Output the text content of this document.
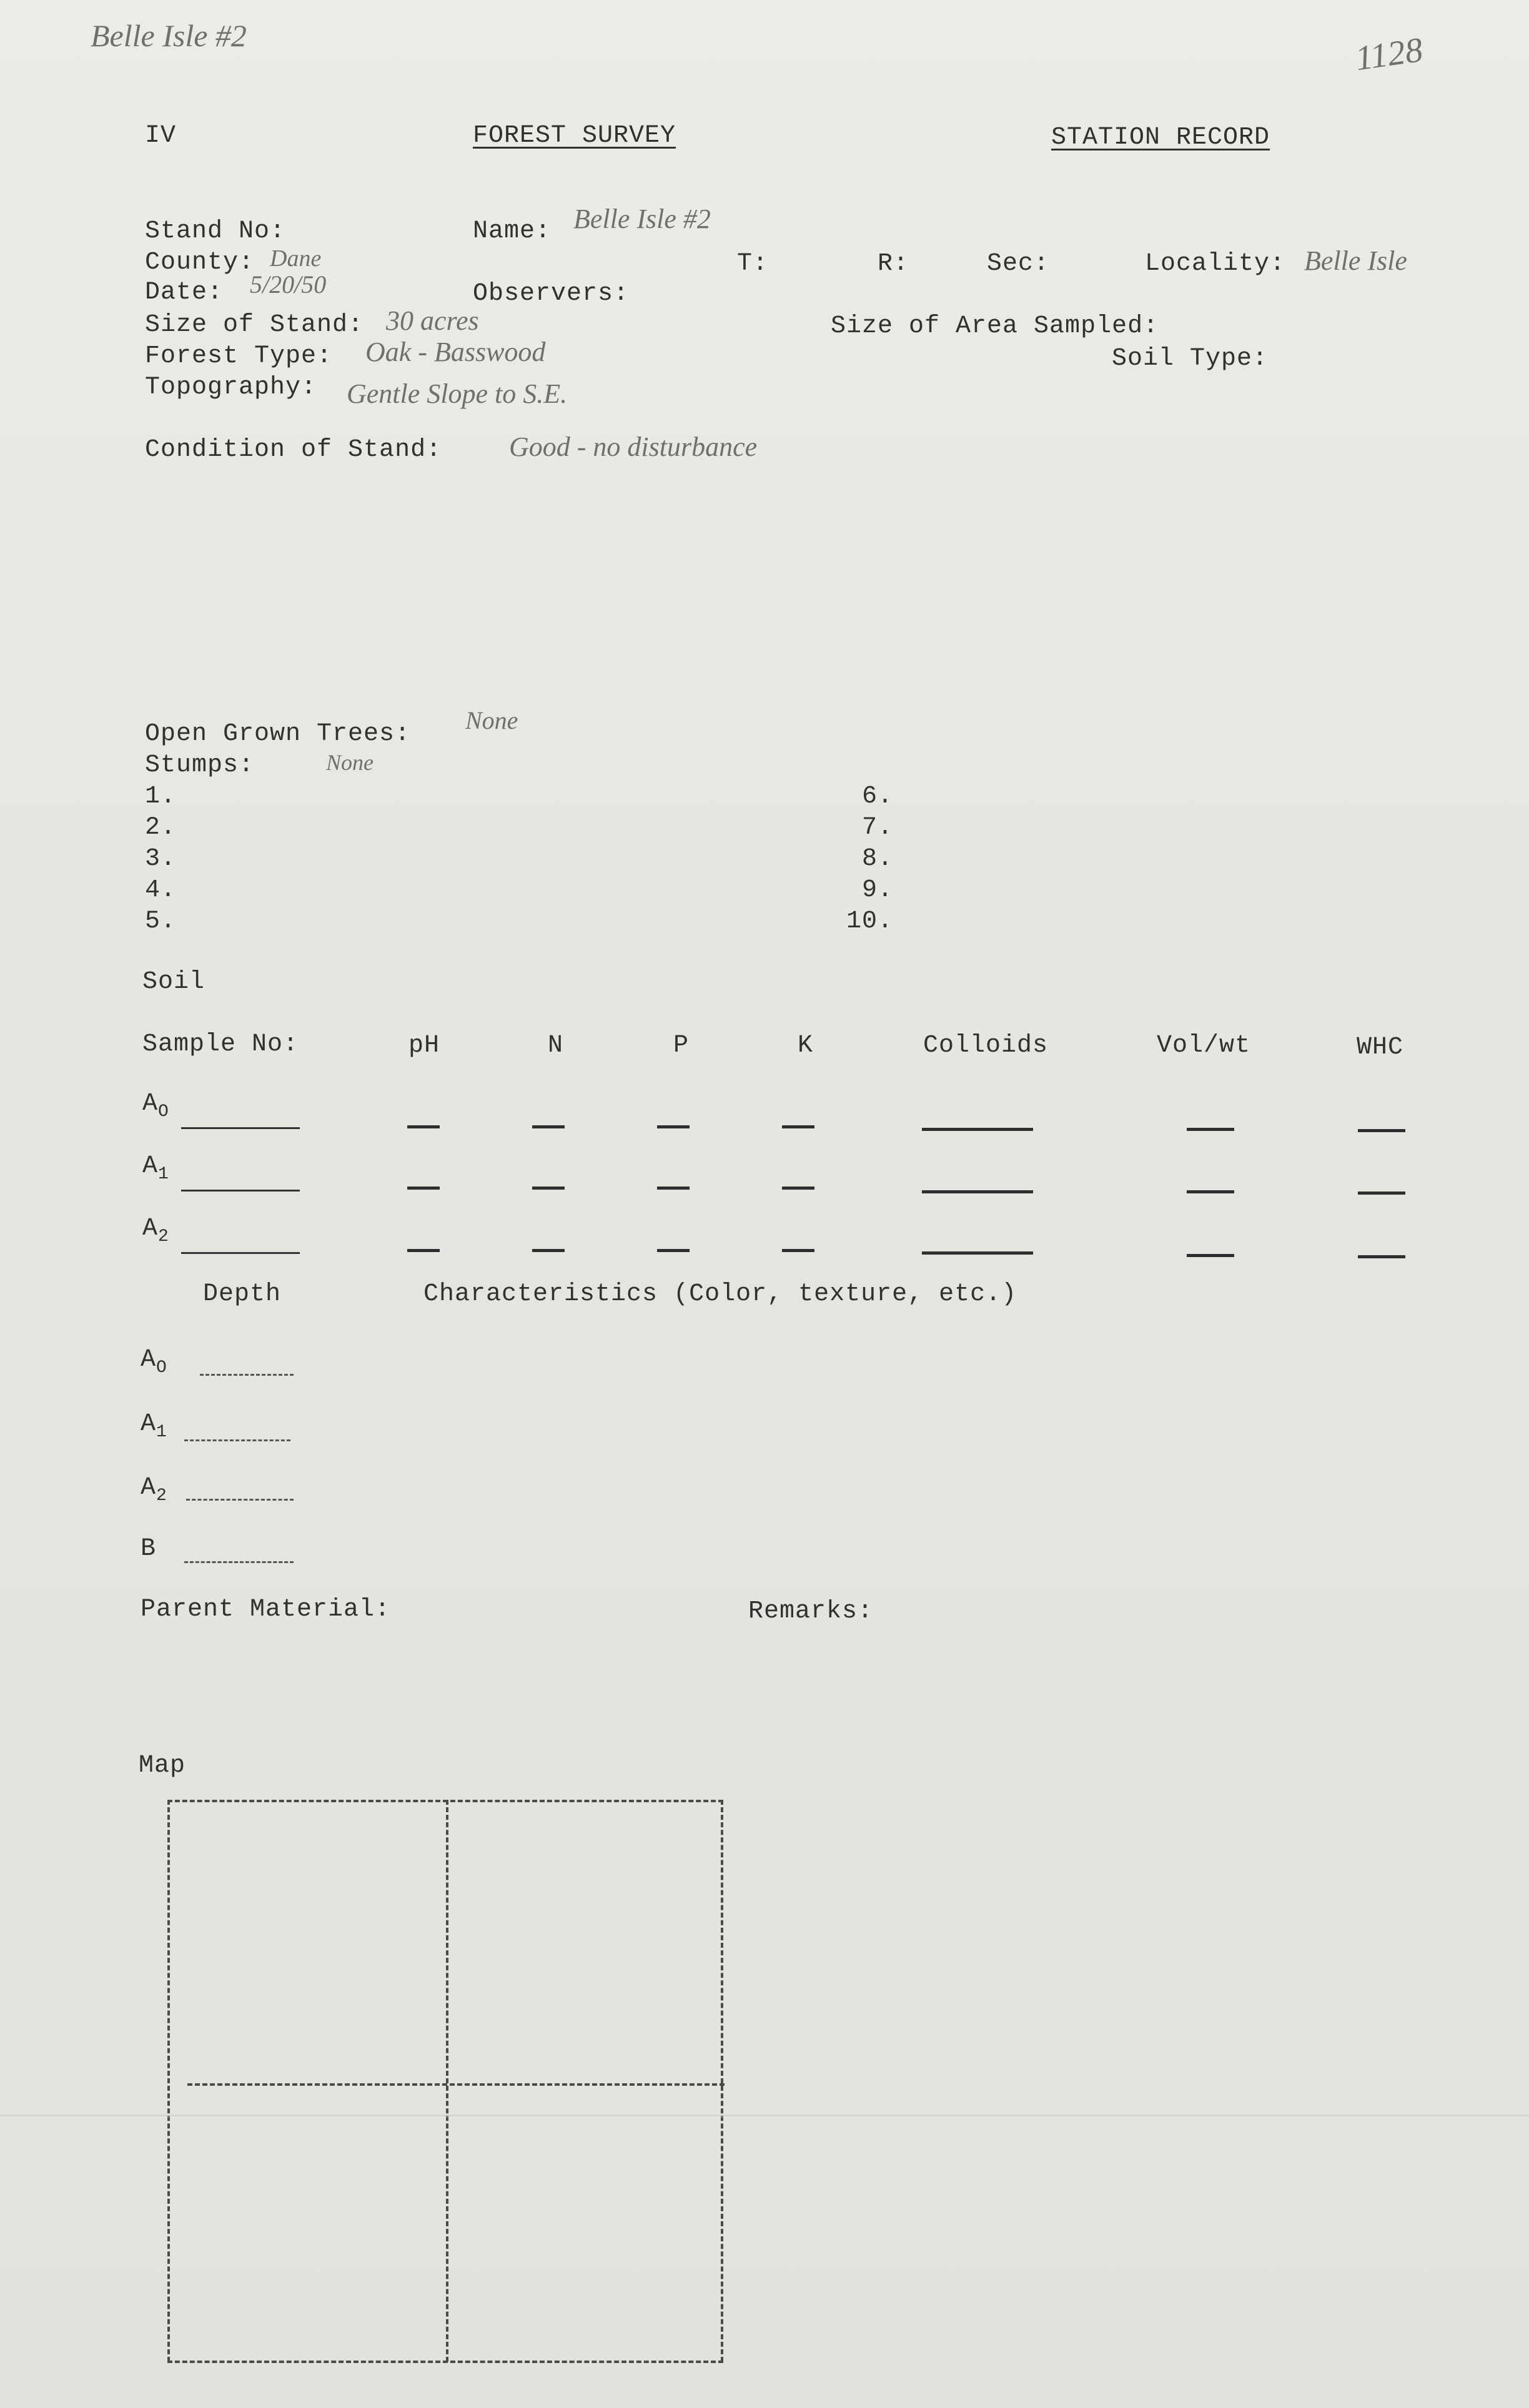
Belle Isle #2	1128
IV	FOREST SURVEY	STATION RECORD
Stand No:	Name: Belle Isle #2
County: Dane	T:	R:	Sec:	Locality: Belle Isle
Date: 5/20/50	Observers:
Size of Stand: 30 acres	Size of Area Sampled:
Forest Type: Oak - Basswood	Soil Type:
Topography: Gentle Slope to S.E.
Condition of Stand: Good - no disturbance
Open Grown Trees: None
Stumps:	None
1.
2.
3.
4.
5.
6.
7.
8.
9.
10.
Soil
Sample No:	pH	N	P	K	Colloids	Vol/wt	WHC
$A_O$
$A_1$
$A_2$
Depth	Characteristics (Color, texture, etc.)
$A_O$
$A_1$
$A_2$
B
Parent Material:	Remarks:
Map
